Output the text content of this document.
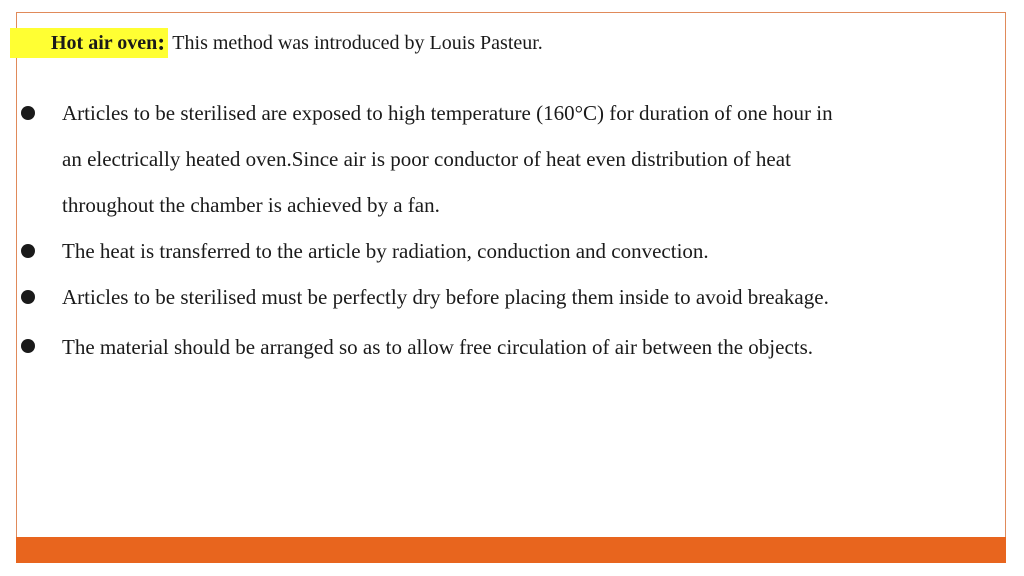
Hot air oven : This method was introduced by Louis Pasteur.
Articles to be sterilised are exposed to high temperature (160°C) for duration of one hour in
an electrically heated oven.Since air is poor conductor of heat even distribution of heat
throughout the chamber is achieved by a fan.
The heat is transferred to the article by radiation, conduction and convection.
Articles to be sterilised must be perfectly dry before placing them inside to avoid breakage.
The material should be arranged so as to allow free circulation of air between the objects.
